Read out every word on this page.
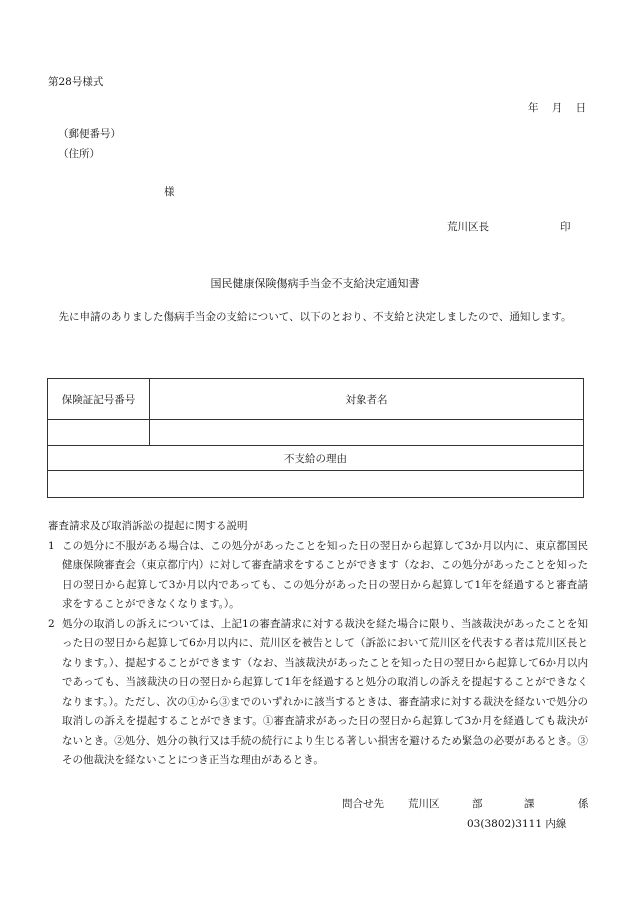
第28号様式
年 月 日
（郵便番号）
（住所）
様
荒川区長	印
国民健康保険傷病手当金不支給決定通知書
先に申請のありました傷病手当金の支給について、以下のとおり、不支給と決定しましたので、通知します。
保険証記号番号	対象者名

不支給の理由	

審査請求及び取消訴訟の提起に関する説明
1 この処分に不服がある場合は、この処分があったことを知った日の翌日から起算して3か月以内に、東京都国民健康保険審査会（東京都庁内）に対して審査請求をすることができます（なお、この処分があったことを知った日の翌日から起算して3か月以内であっても、この処分があった日の翌日から起算して1年を経過すると審査請求をすることができなくなります。）。
2 処分の取消しの訴えについては、上記1の審査請求に対する裁決を経た場合に限り、当該裁決があったことを知った日の翌日から起算して6か月以内に、荒川区を被告として（訴訟において荒川区を代表する者は荒川区長となります。）、提起することができます（なお、当該裁決があったことを知った日の翌日から起算して6か月以内であっても、当該裁決の日の翌日から起算して1年を経過すると処分の取消しの訴えを提起することができなくなります。）。ただし、次の①から③までのいずれかに該当するときは、審査請求に対する裁決を経ないで処分の取消しの訴えを提起することができます。①審査請求があった日の翌日から起算して3か月を経過しても裁決がないとき。②処分、処分の執行又は手続の続行により生じる著しい損害を避けるため緊急の必要があるとき。③その他裁決を経ないことにつき正当な理由があるとき。
問合せ先 荒川区	部	課	係
03(3802)3111 内線
